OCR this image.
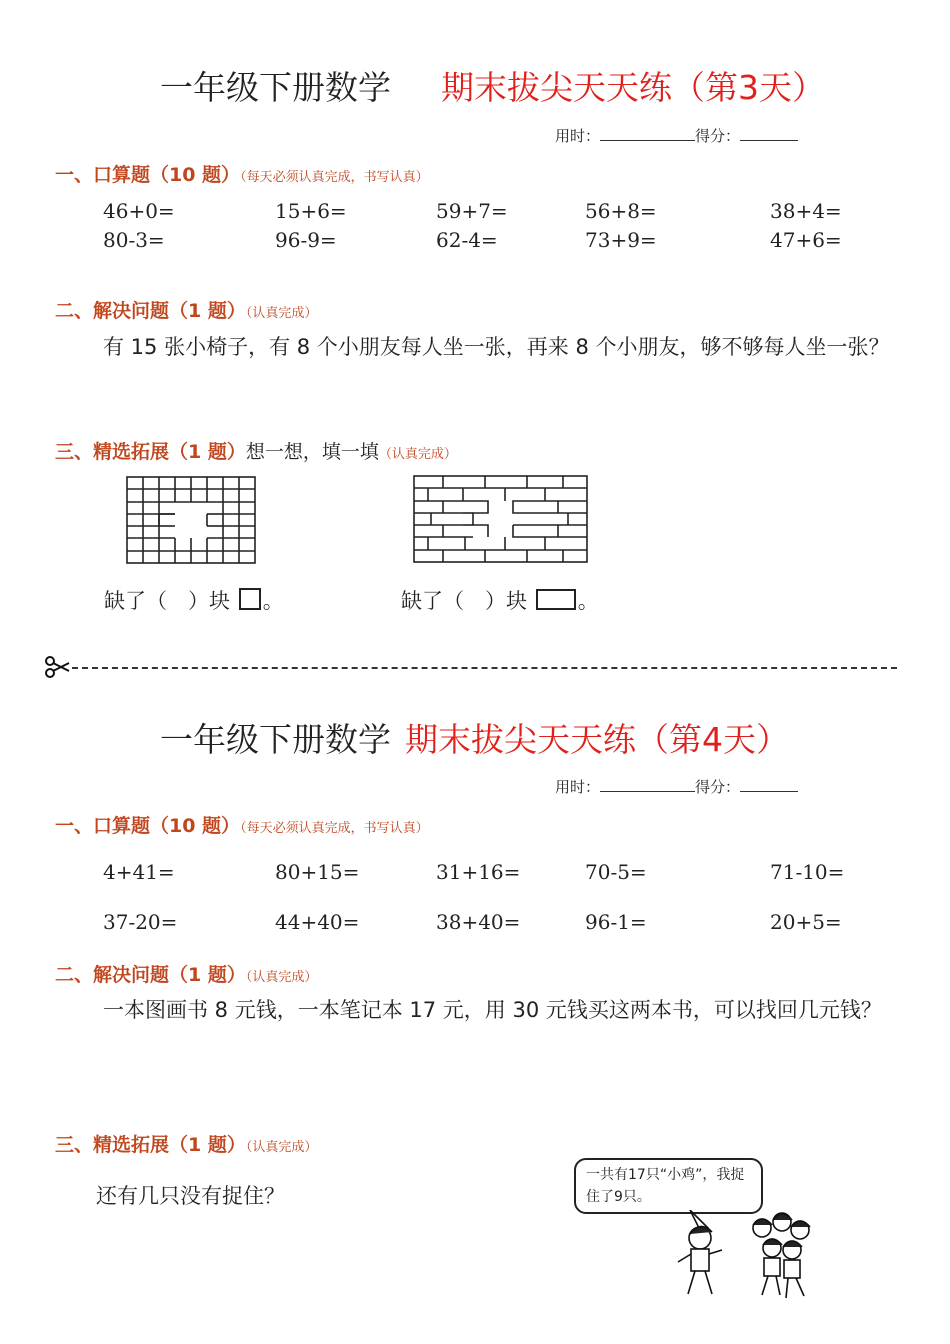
一年级下册数学 期末拔尖天天练（第3天）
用时：	得分：
一、口算题（10 题）（每天必须认真完成，书写认真）
46+0=	15+6=	59+7=	56+8=	38+4=
80-3=	96-9=	62-4=	73+9=	47+6=
二、解决问题（1 题）（认真完成）
有 15 张小椅子，有 8 个小朋友每人坐一张，再来 8 个小朋友，够不够每人坐一张？
三、精选拓展（1 题）想一想，填一填（认真完成）
缺了（　）块 。	缺了（　）块 。
一年级下册数学 期末拔尖天天练（第4天）
用时：	得分：
一、口算题（10 题）（每天必须认真完成，书写认真）
4+41=	80+15=	31+16=	70-5=	71-10=
37-20=	44+40=	38+40=	96-1=	20+5=
二、解决问题（1 题）（认真完成）
一本图画书 8 元钱，一本笔记本 17 元，用 30 元钱买这两本书，可以找回几元钱？
三、精选拓展（1 题）（认真完成）
还有几只没有捉住？
一共有17只“小鸡”，我捉住了9只。
